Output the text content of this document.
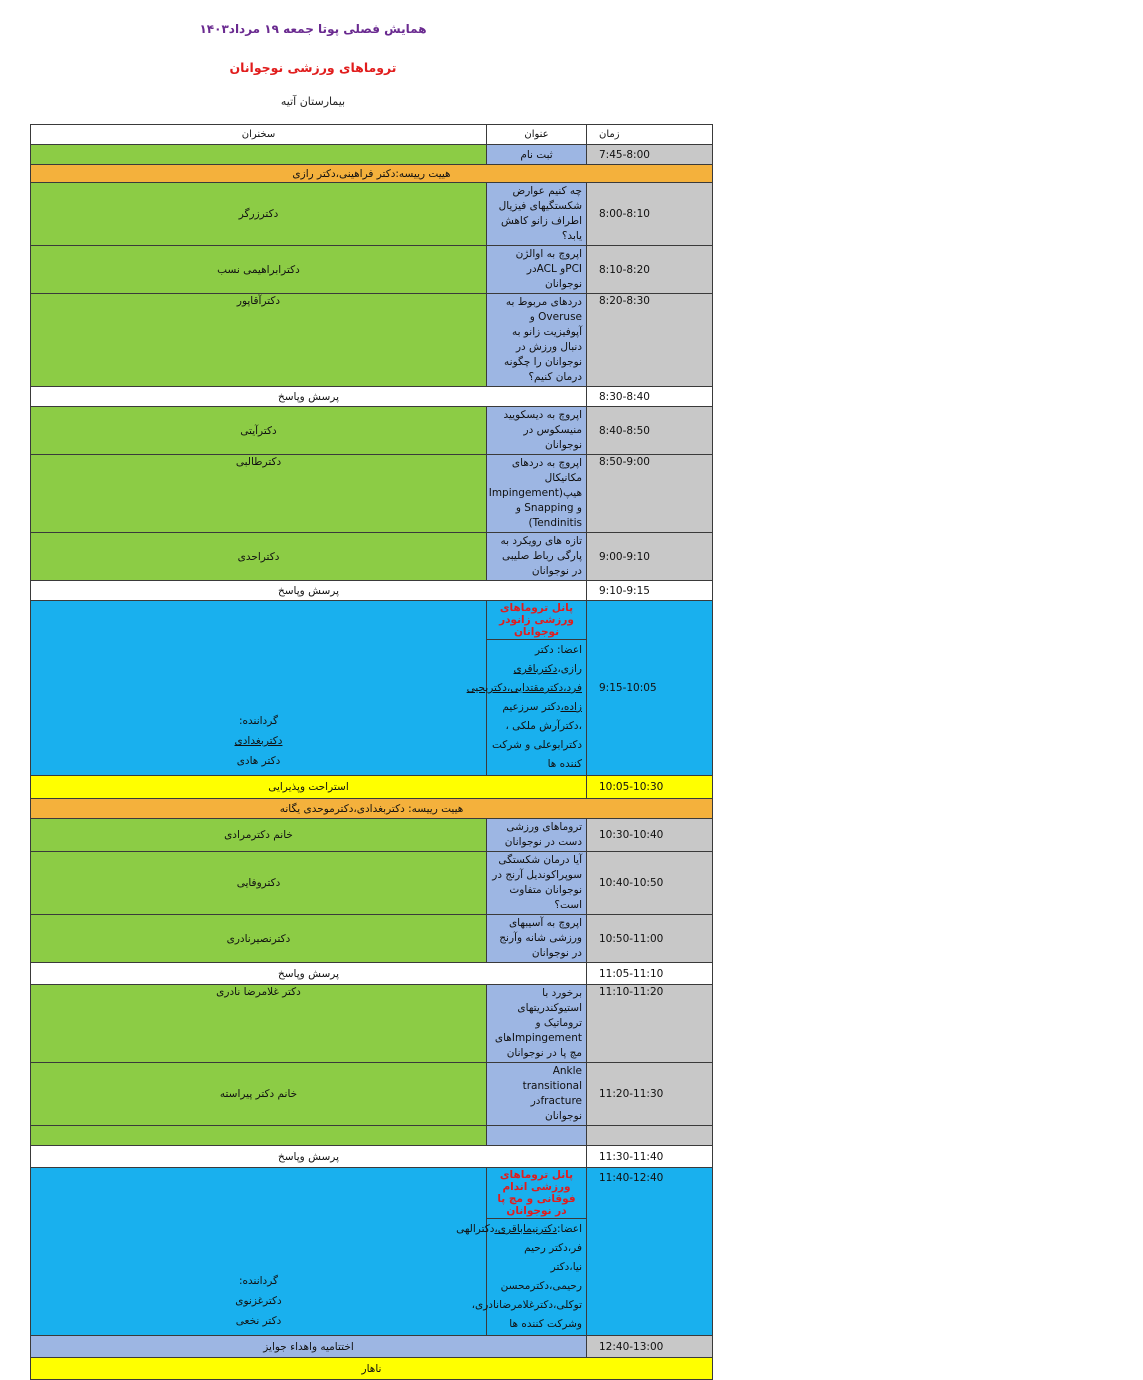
همایش فصلی پوتا جمعه ۱۹ مرداد۱۴۰۳
تروماهای ورزشی نوجوانان
بیمارستان آتیه
سخنران	عنوان	زمان
	ثبت نام	7:45-8:00
هییت رییسه:دکتر فراهینی،دکتر رازی		
دکترزرگر	چه کنیم عوارض شکستگیهای فیزیال اطراف زانو کاهش یابد؟	8:00-8:10
دکترابراهیمی نسب	اپروچ به اوالژن PCIو ACLدر نوجوانان	8:10-8:20
دکترآقاپور	دردهای مربوط به Overuse و آپوفیزیت زانو به دنبال ورزش در نوجوانان را چگونه درمان کنیم؟	8:20-8:30
پرسش وپاسخ		8:30-8:40
دکترآیتی	اپروچ به دیسکویید منیسکوس در نوجوانان	8:40-8:50
دکترطالبی	اپروچ به دردهای مکانیکال هیپ(Impingement و Snapping و Tendinitis)	8:50-9:00
دکتراحدی	تازه های رویکرد به پارگی رباط صلیبی در نوجوانان	9:00-9:10
پرسش وپاسخ		9:10-9:15

گرداننده:
دکتربغدادی
دکتر هادی	پانل تروماهای ورزشی زانودر نوجوانان	9:15-10:05
	اعضا: دکتر رازی،دکترباقری فرد،دکترمقتدایی،دکتریحیی زاده،دکتر سرزعیم ،دکترآرش ملکی ، دکترابوعلی و شرکت کننده ها	
استراحت وپذیرایی		10:05-10:30
هییت رییسه: دکتربغدادی،دکترموحدی یگانه		
خانم دکترمرادی	تروماهای ورزشی دست در نوجوانان	10:30-10:40
دکتروفایی	آیا درمان شکستگی سوپراکوندیل آرنج در نوجوانان متفاوت است؟	10:40-10:50
دکترنصیرنادری	اپروچ به آسیبهای ورزشی شانه وآرنج در نوجوانان	10:50-11:00
پرسش وپاسخ		11:05-11:10
دکتر غلامرضا نادری	برخورد با استیوکندریتهای تروماتیک و Impingementهای مچ پا در نوجوانان	11:10-11:20
خانم دکتر پیراسته	Ankle transitional fractureدر نوجوانان	11:20-11:30

پرسش وپاسخ		11:30-11:40

گرداننده:
دکترغزنوی
دکتر نخعی	پانل تروماهای ورزشی اندام فوقانی و مچ پا در نوجوانان	11:40-12:40
	اعضا:دکترنیماباقری،دکترالهی فر،دکتر رحیم نیا،دکتر رحیمی،دکترمحسن توکلی،دکترغلامرضانادری، وشرکت کننده ها	
اختتامیه واهداء جوایز		12:40-13:00
ناهار		
